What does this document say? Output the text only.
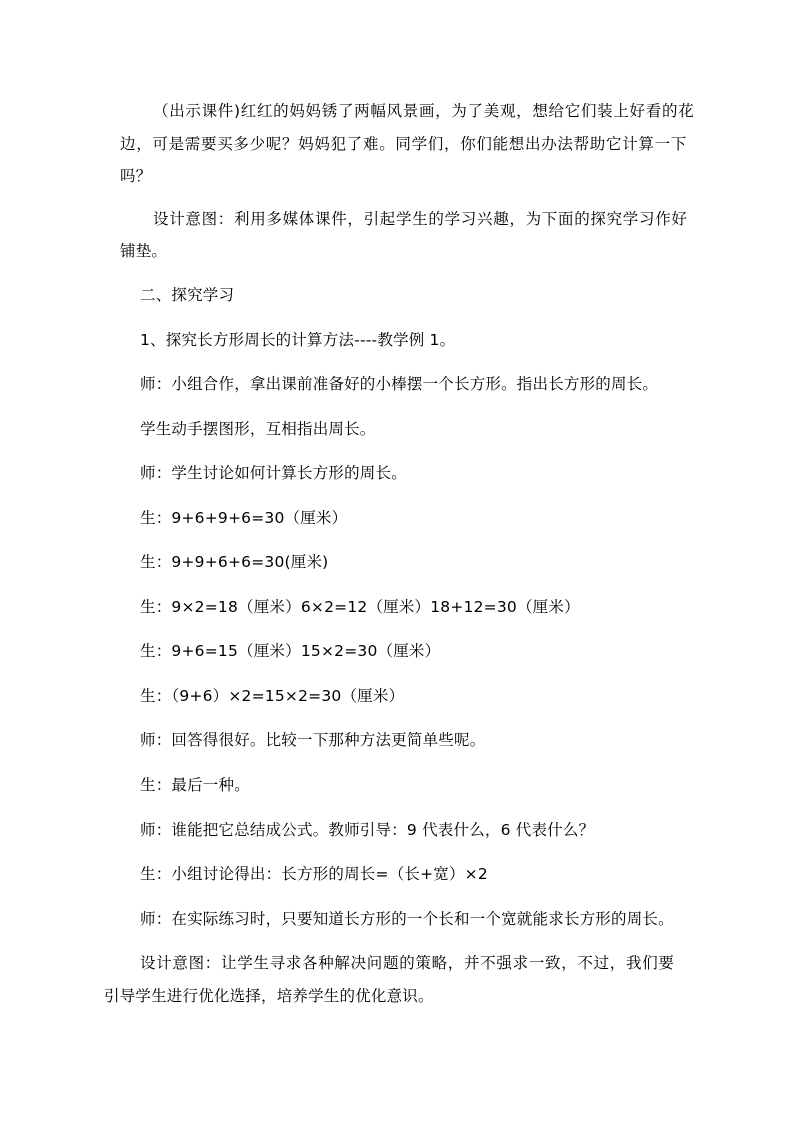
（出示课件)红红的妈妈锈了两幅风景画，为了美观，想给它们装上好看的花
边，可是需要买多少呢？妈妈犯了难。同学们，你们能想出办法帮助它计算一下
吗？
设计意图：利用多媒体课件，引起学生的学习兴趣，为下面的探究学习作好
铺垫。
二、探究学习
1、探究长方形周长的计算方法----教学例 1。
师：小组合作，拿出课前准备好的小棒摆一个长方形。指出长方形的周长。
学生动手摆图形，互相指出周长。
师：学生讨论如何计算长方形的周长。
生：9+6+9+6=30（厘米）
生：9+9+6+6=30(厘米)
生：9×2=18（厘米）6×2=12（厘米）18+12=30（厘米）
生：9+6=15（厘米）15×2=30（厘米）
生：（9+6）×2=15×2=30（厘米）
师：回答得很好。比较一下那种方法更简单些呢。
生：最后一种。
师：谁能把它总结成公式。教师引导：9 代表什么，6 代表什么？
生：小组讨论得出：长方形的周长=（长+宽）×2
师：在实际练习时，只要知道长方形的一个长和一个宽就能求长方形的周长。
设计意图：让学生寻求各种解决问题的策略，并不强求一致，不过，我们要
引导学生进行优化选择，培养学生的优化意识。
